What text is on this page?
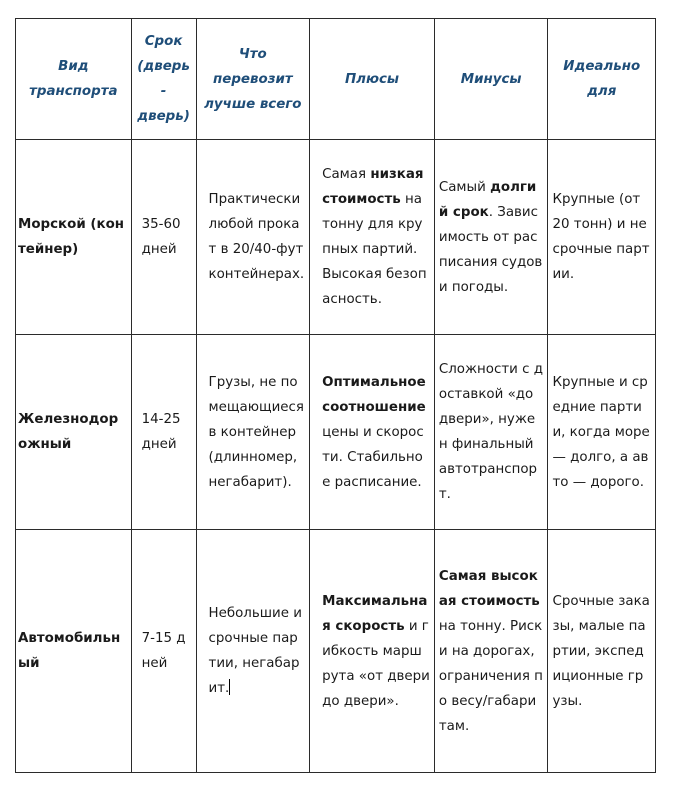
Вид транспорта	Срок (дверь - дверь)	Что перевозит лучше всего	Плюсы	Минусы	Идеально для
Морской (контейнер)	35-60 дней	Практически любой прокат в 20/40-фут контейнерах.	Самая низкая стоимость на тонну для крупных партий. Высокая безопасность.	Самый долгий срок. Зависимость от расписания судов и погоды.	Крупные (от 20 тонн) и несрочные партии.
Железнодорожный	14-25 дней	Грузы, не помещающиеся в контейнер (длинномер, негабарит).	Оптимальное соотношение цены и скорости. Стабильное расписание.	Сложности с доставкой «до двери», нужен финальный автотранспорт.	Крупные и средние партии, когда море — долго, а авто — дорого.
Автомобильный	7-15 дней	Небольшие и срочные партии, негабарит.	Максимальная скорость и гибкость маршрута «от двери до двери».	Самая высокая стоимость на тонну. Риски на дорогах, ограничения по весу/габаритам.	Срочные заказы, малые партии, экспедиционные грузы.
